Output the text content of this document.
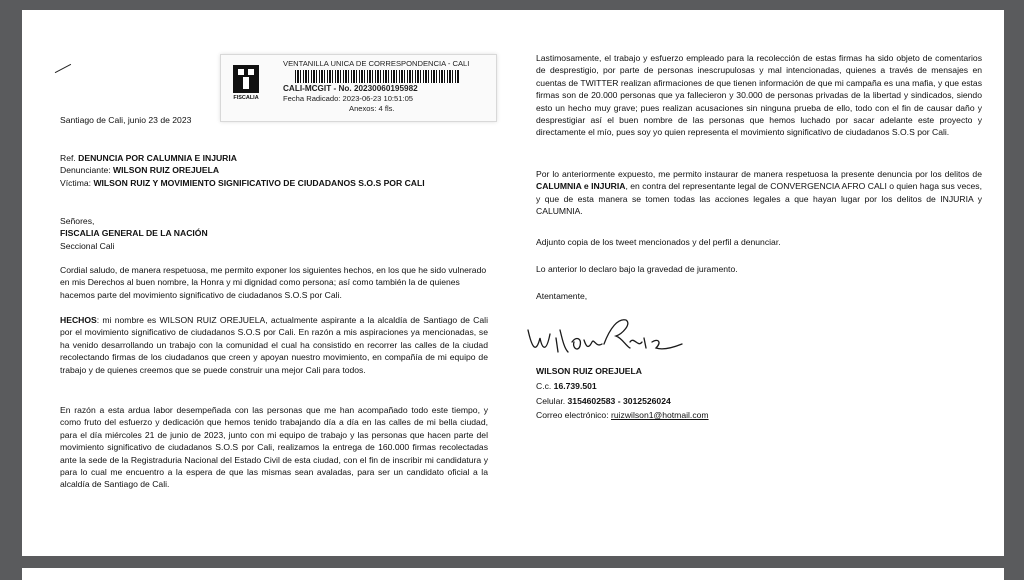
FISCALIA
VENTANILLA UNICA DE CORRESPONDENCIA - CALI
CALI-MCGIT - No. 20230060195982
Fecha Radicado: 2023-06-23 10:51:05
Anexos: 4 fls.

Santiago de Cali, junio 23 de 2023

Ref. DENUNCIA POR CALUMNIA E INJURIA
Denunciante: WILSON RUIZ OREJUELA
Víctima: WILSON RUIZ Y MOVIMIENTO SIGNIFICATIVO DE CIUDADANOS S.O.S POR CALI
Señores,
FISCALIA GENERAL DE LA NACIÓN
Seccional Cali

Cordial saludo, de manera respetuosa, me permito exponer los siguientes hechos, en los que he sido vulnerado en mis Derechos al buen nombre, la Honra y mi dignidad como persona; así como también la de quienes hacemos parte del movimiento significativo de ciudadanos S.O.S por Cali.

HECHOS: mi nombre es WILSON RUIZ OREJUELA, actualmente aspirante a la alcaldía de Santiago de Cali por el movimiento significativo de ciudadanos S.O.S por Cali. En razón a mis aspiraciones ya mencionadas, se ha venido desarrollando un trabajo con la comunidad el cual ha consistido en recorrer las calles de la ciudad recolectando firmas de los ciudadanos que creen y apoyan nuestro movimiento, en compañía de mi equipo de trabajo y de quienes creemos que se puede construir una mejor Cali para todos.

En razón a esta ardua labor desempeñada con las personas que me han acompañado todo este tiempo, y como fruto del esfuerzo y dedicación que hemos tenido trabajando día a día en las calles de mi bella ciudad, para el día miércoles 21 de junio de 2023, junto con mi equipo de trabajo y las personas que hacen parte del movimiento significativo de ciudadanos S.O.S por Cali, realizamos la entrega de 160.000 firmas recolectadas ante la sede de la Registraduria Nacional del Estado Civil de esta ciudad, con el fin de inscribir mi candidatura y para lo cual me encuentro a la espera de que las mismas sean avaladas, para ser un candidato oficial a la alcaldía de Santiago de Cali.

Lastimosamente, el trabajo y esfuerzo empleado para la recolección de estas firmas ha sido objeto de comentarios de desprestigio, por parte de personas inescrupulosas y mal intencionadas, quienes a través de mensajes en cuentas de TWITTER realizan afirmaciones de que tienen información de que mi campaña es una mafia, y que estas firmas son de 20.000 personas que ya fallecieron y 30.000 de personas privadas de la libertad y sindicados, siendo esto un hecho muy grave; pues realizan acusaciones sin ninguna prueba de ello, todo con el fin de causar daño y desprestigiar así el buen nombre de las personas que hemos luchado por sacar adelante este proyecto y directamente el mío, pues soy yo quien representa el movimiento significativo de ciudadanos S.O.S por Cali.

Por lo anteriormente expuesto, me permito instaurar de manera respetuosa la presente denuncia por los delitos de CALUMNIA e INJURIA, en contra del representante legal de CONVERGENCIA AFRO CALI o quien haga sus veces, y que de esta manera se tomen todas las acciones legales a que hayan lugar por los delitos de INJURIA y CALUMNIA.

Adjunto copia de los tweet mencionados y del perfil a denunciar.

Lo anterior lo declaro bajo la gravedad de juramento.

Atentamente,

WILSON RUIZ OREJUELA
C.c. 16.739.501
Celular. 3154602583 - 3012526024
Correo electrónico: ruizwilson1@hotmail.com
